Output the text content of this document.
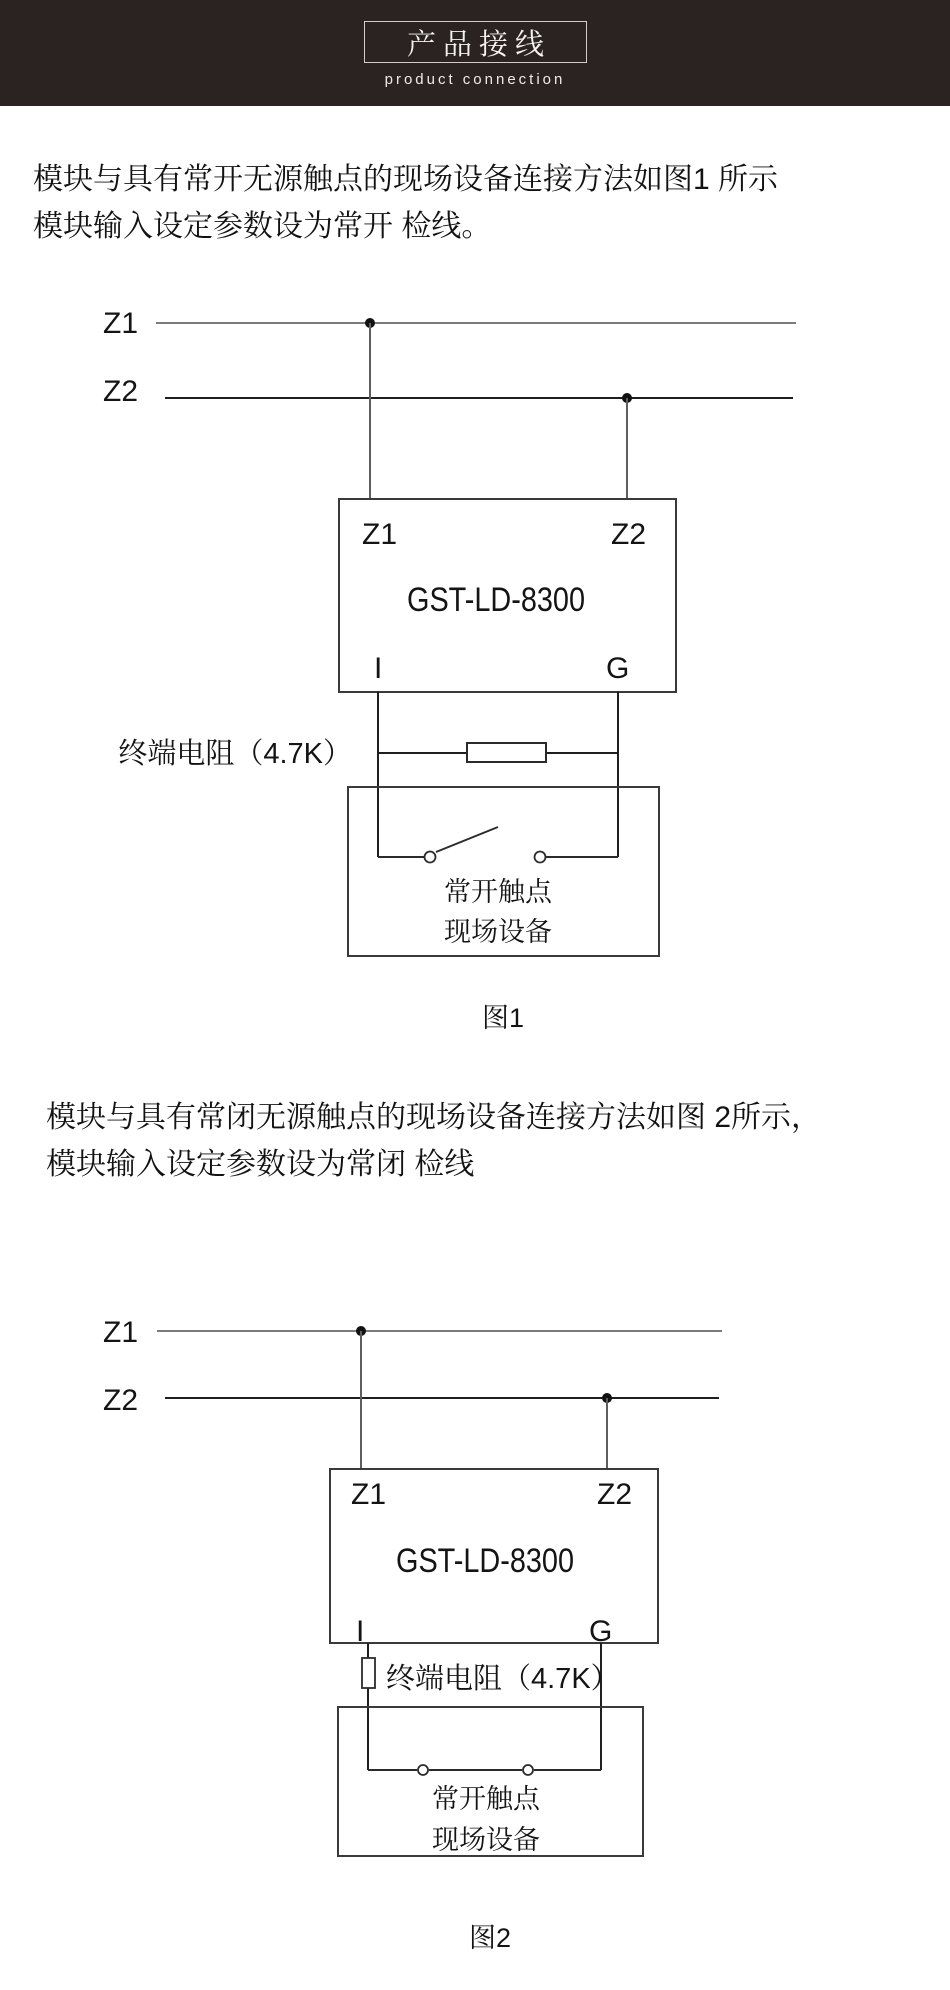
产品接线
product connection
模块与具有常开无源触点的现场设备连接方法如图1 所示
模块输入设定参数设为常开 检线。
Z1
Z2
Z1	Z2
GST-LD-8300
I	G
终端电阻（4.7K）
常开触点
现场设备
图1
模块与具有常闭无源触点的现场设备连接方法如图 2所示，
模块输入设定参数设为常闭 检线
Z1
Z2
Z1	Z2
GST-LD-8300
I	G
终端电阻（4.7K）
常开触点
现场设备
图2
